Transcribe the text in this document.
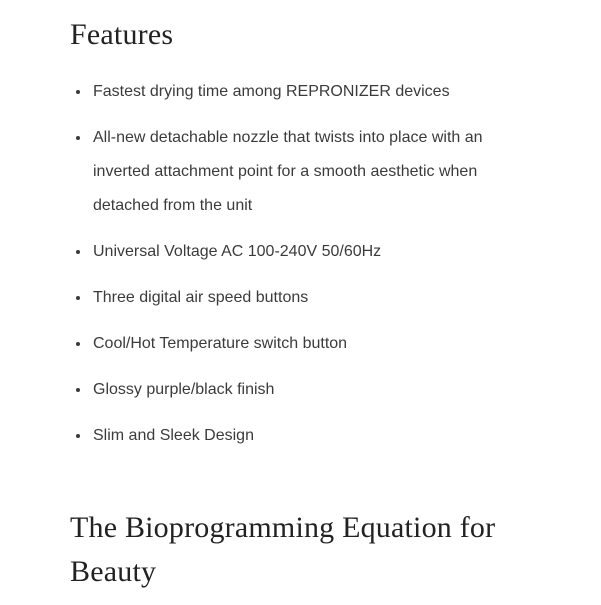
Features
• Fastest drying time among REPRONIZER devices
• All-new detachable nozzle that twists into place with an inverted attachment point for a smooth aesthetic when detached from the unit
• Universal Voltage AC 100-240V 50/60Hz
• Three digital air speed buttons
• Cool/Hot Temperature switch button
• Glossy purple/black finish
• Slim and Sleek Design
The Bioprogramming Equation for Beauty
